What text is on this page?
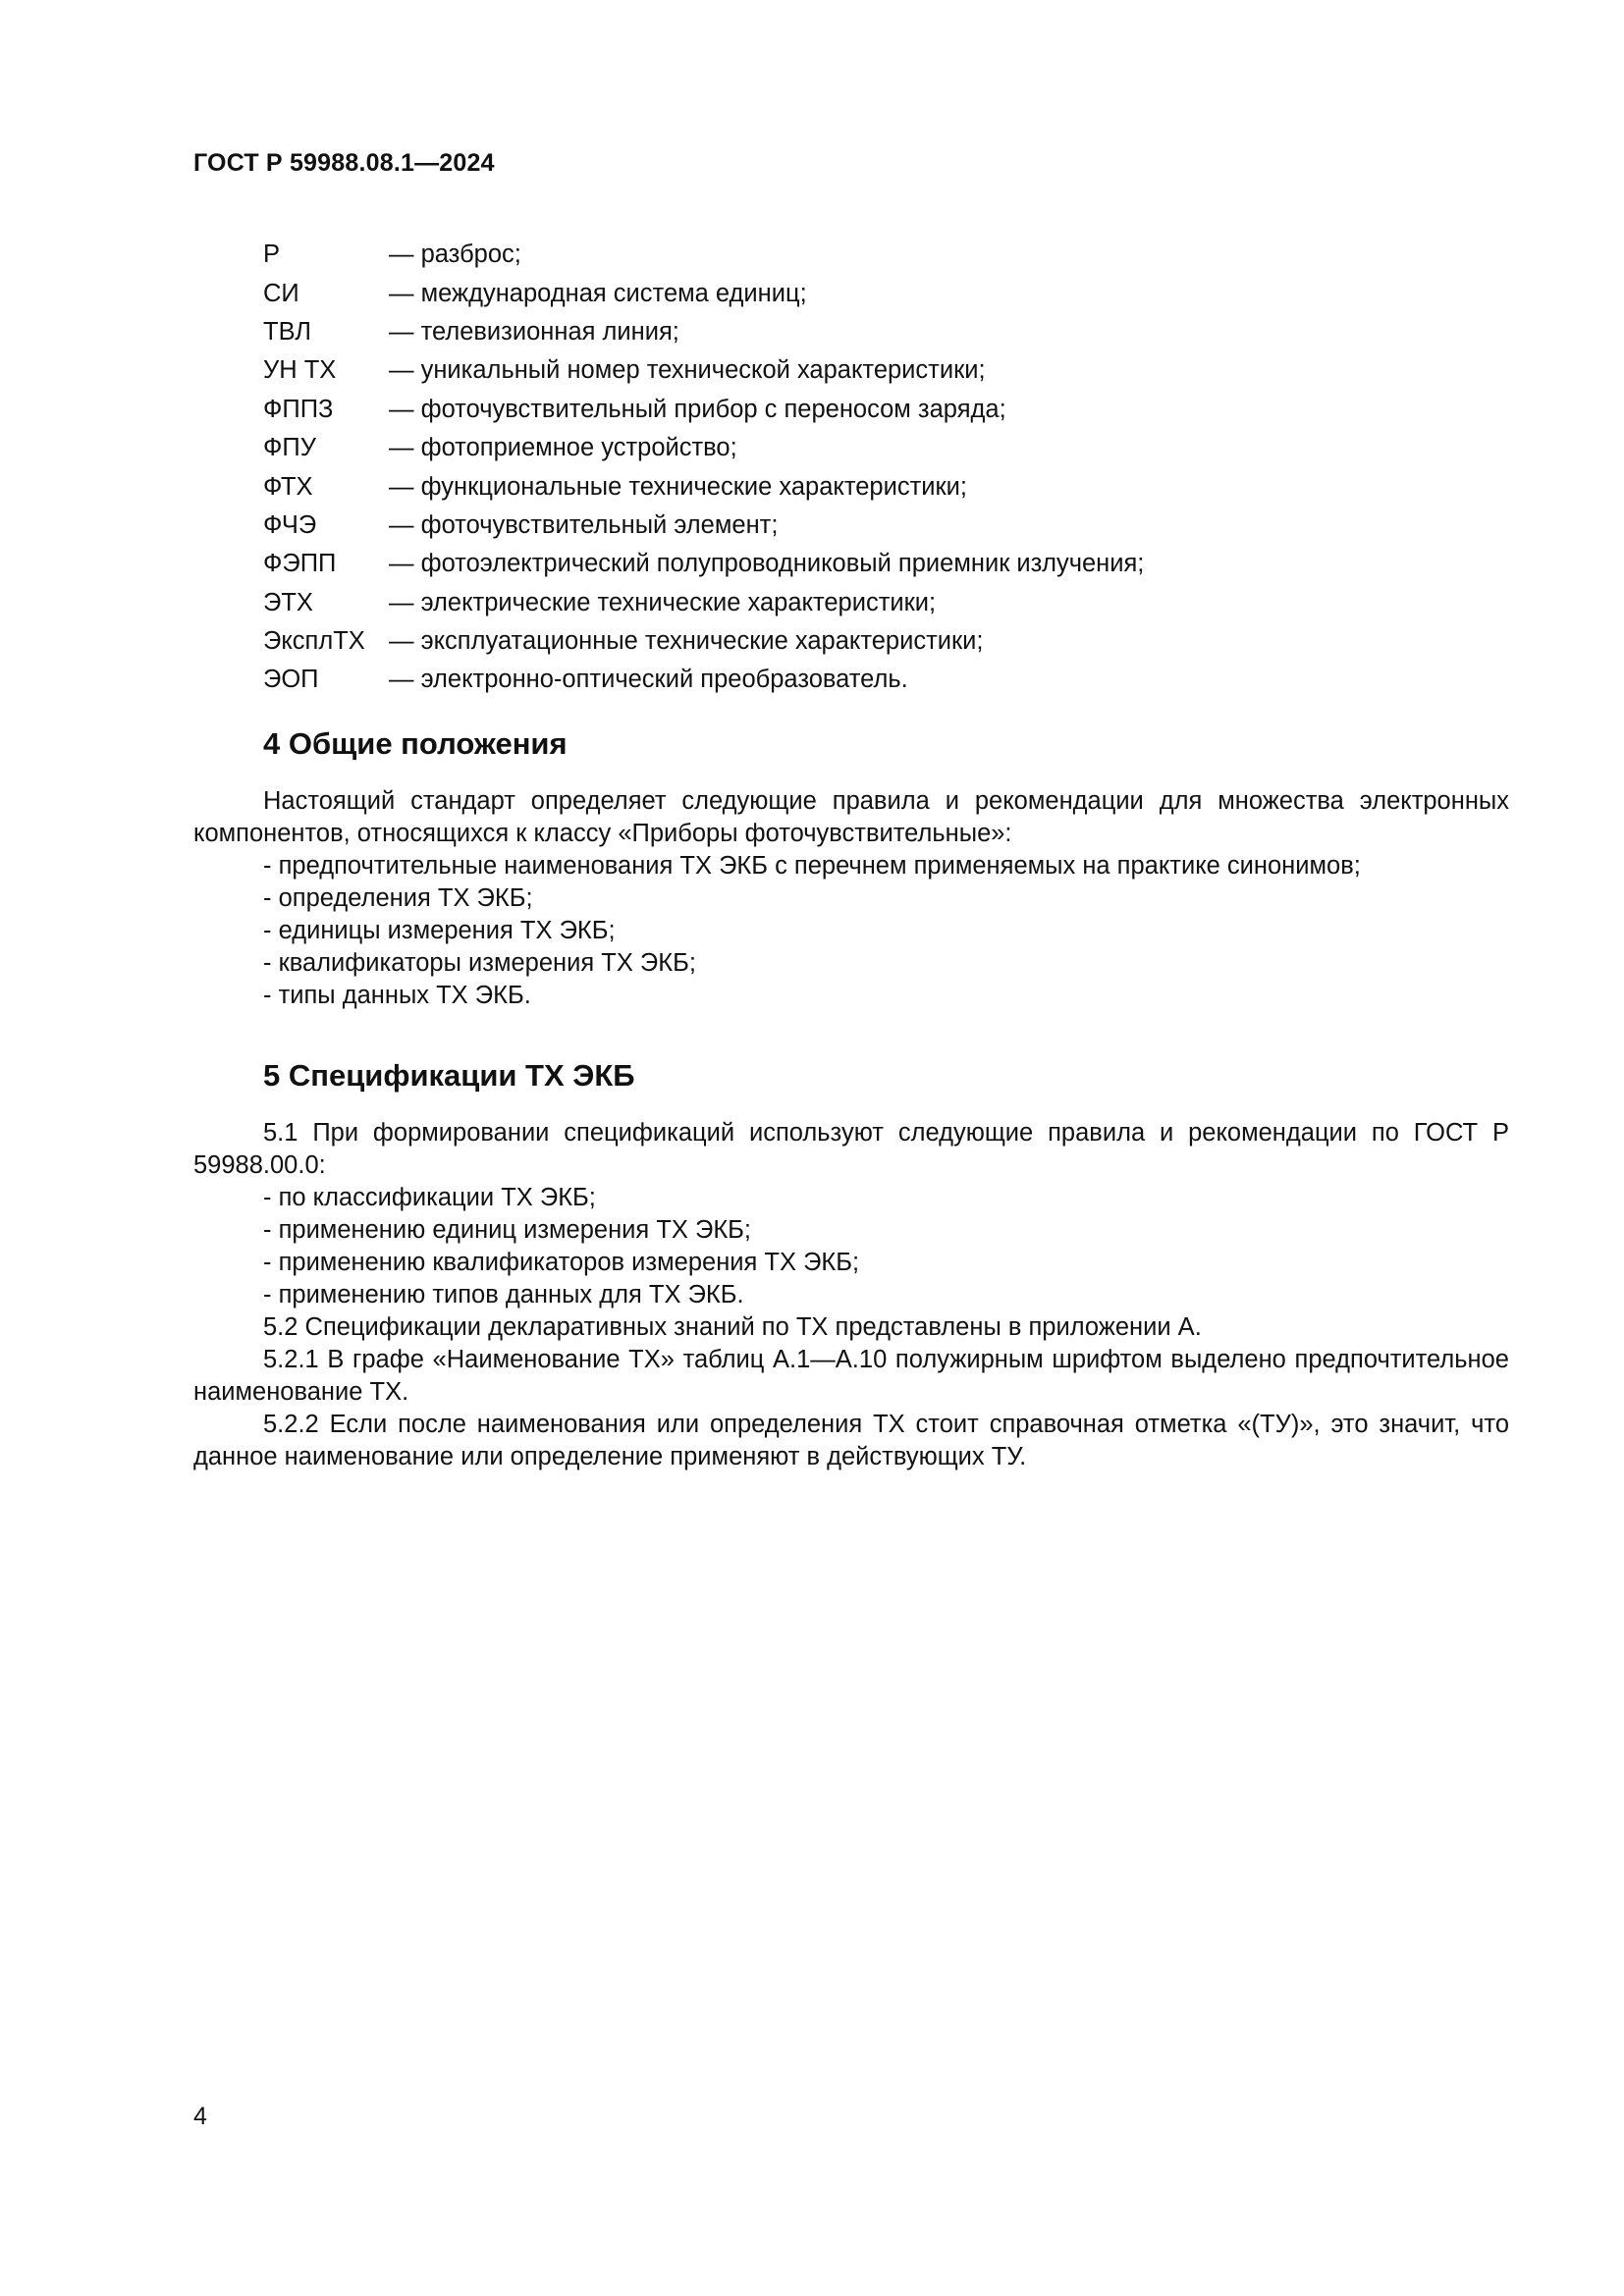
ГОСТ Р 59988.08.1—2024
Р	— разброс;
СИ	— международная система единиц;
ТВЛ	— телевизионная линия;
УН ТХ	— уникальный номер технической характеристики;
ФППЗ	— фоточувствительный прибор с переносом заряда;
ФПУ	— фотоприемное устройство;
ФТХ	— функциональные технические характеристики;
ФЧЭ	— фоточувствительный элемент;
ФЭПП	— фотоэлектрический полупроводниковый приемник излучения;
ЭТХ	— электрические технические характеристики;
ЭксплТХ — эксплуатационные технические характеристики;
ЭОП	— электронно-оптический преобразователь.
4 Общие положения

Настоящий стандарт определяет следующие правила и рекомендации для множества электронных компонентов, относящихся к классу «Приборы фоточувствительные»:

- предпочтительные наименования ТХ ЭКБ с перечнем применяемых на практике синонимов;

- определения ТХ ЭКБ;

- единицы измерения ТХ ЭКБ;

- квалификаторы измерения ТХ ЭКБ;

- типы данных ТХ ЭКБ.

5 Спецификации ТХ ЭКБ

5.1 При формировании спецификаций используют следующие правила и рекомендации по ГОСТ Р 59988.00.0:

- по классификации ТХ ЭКБ;

- применению единиц измерения ТХ ЭКБ;

- применению квалификаторов измерения ТХ ЭКБ;

- применению типов данных для ТХ ЭКБ.

5.2 Спецификации декларативных знаний по ТХ представлены в приложении А.

5.2.1 В графе «Наименование ТХ» таблиц А.1—А.10 полужирным шрифтом выделено предпочтительное наименование ТХ.

5.2.2 Если после наименования или определения ТХ стоит справочная отметка «(ТУ)», это значит, что данное наименование или определение применяют в действующих ТУ.

4
